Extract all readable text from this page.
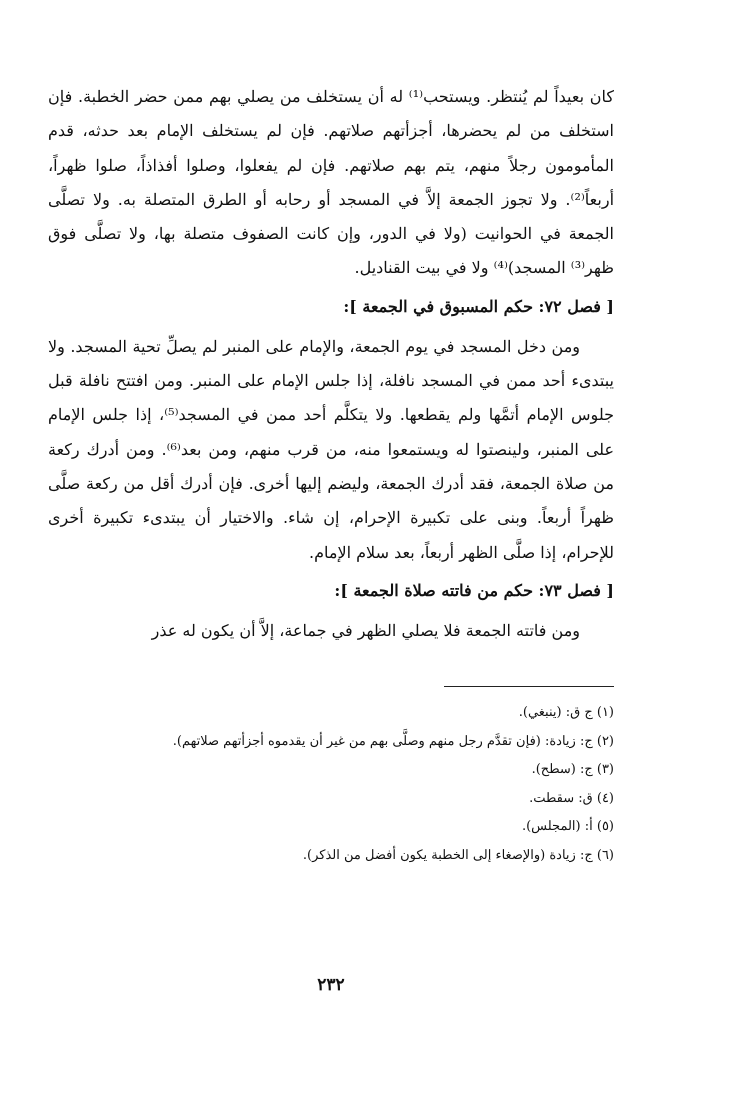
كان بعيداً لم يُنتظر. ويستحب⁽¹⁾ له أن يستخلف من يصلي بهم ممن حضر الخطبة. فإن استخلف من لم يحضرها، أجزأتهم صلاتهم. فإن لم يستخلف الإمام بعد حدثه، قدم المأمومون رجلاً منهم، يتم بهم صلاتهم. فإن لم يفعلوا، وصلوا أفذاذاً، صلوا ظهراً، أربعاً⁽²⁾. ولا تجوز الجمعة إلاَّ في المسجد أو رحابه أو الطرق المتصلة به. ولا تصلَّى الجمعة في الحوانيت (ولا في الدور، وإن كانت الصفوف متصلة بها، ولا تصلَّى فوق ظهر⁽³⁾ المسجد)⁽⁴⁾ ولا في بيت القناديل.

[ فصل ٧٢: حكم المسبوق في الجمعة ]:

ومن دخل المسجد في يوم الجمعة، والإمام على المنبر لم يصلِّ تحية المسجد. ولا يبتدىء أحد ممن في المسجد نافلة، إذا جلس الإمام على المنبر. ومن افتتح نافلة قبل جلوس الإمام أتمَّها ولم يقطعها. ولا يتكلَّم أحد ممن في المسجد⁽⁵⁾، إذا جلس الإمام على المنبر، ولينصتوا له ويستمعوا منه، من قرب منهم، ومن بعد⁽⁶⁾. ومن أدرك ركعة من صلاة الجمعة، فقد أدرك الجمعة، وليضم إليها أخرى. فإن أدرك أقل من ركعة صلَّى ظهراً أربعاً. وبنى على تكبيرة الإحرام، إن شاء. والاختيار أن يبتدىء تكبيرة أخرى للإحرام، إذا صلَّى الظهر أربعاً، بعد سلام الإمام.

[ فصل ٧٣: حكم من فاتته صلاة الجمعة ]:

ومن فاتته الجمعة فلا يصلي الظهر في جماعة، إلاَّ أن يكون له عذر

(١) ج ق: (ينبغي).

(٢) ج: زيادة: (فإن تقدَّم رجل منهم وصلَّى بهم من غير أن يقدموه أجزأتهم صلاتهم).

(٣) ج: (سطح).

(٤) ق: سقطت.

(٥) أ: (المجلس).

(٦) ج: زيادة (والإصغاء إلى الخطبة يكون أفضل من الذكر).

٢٣٢
